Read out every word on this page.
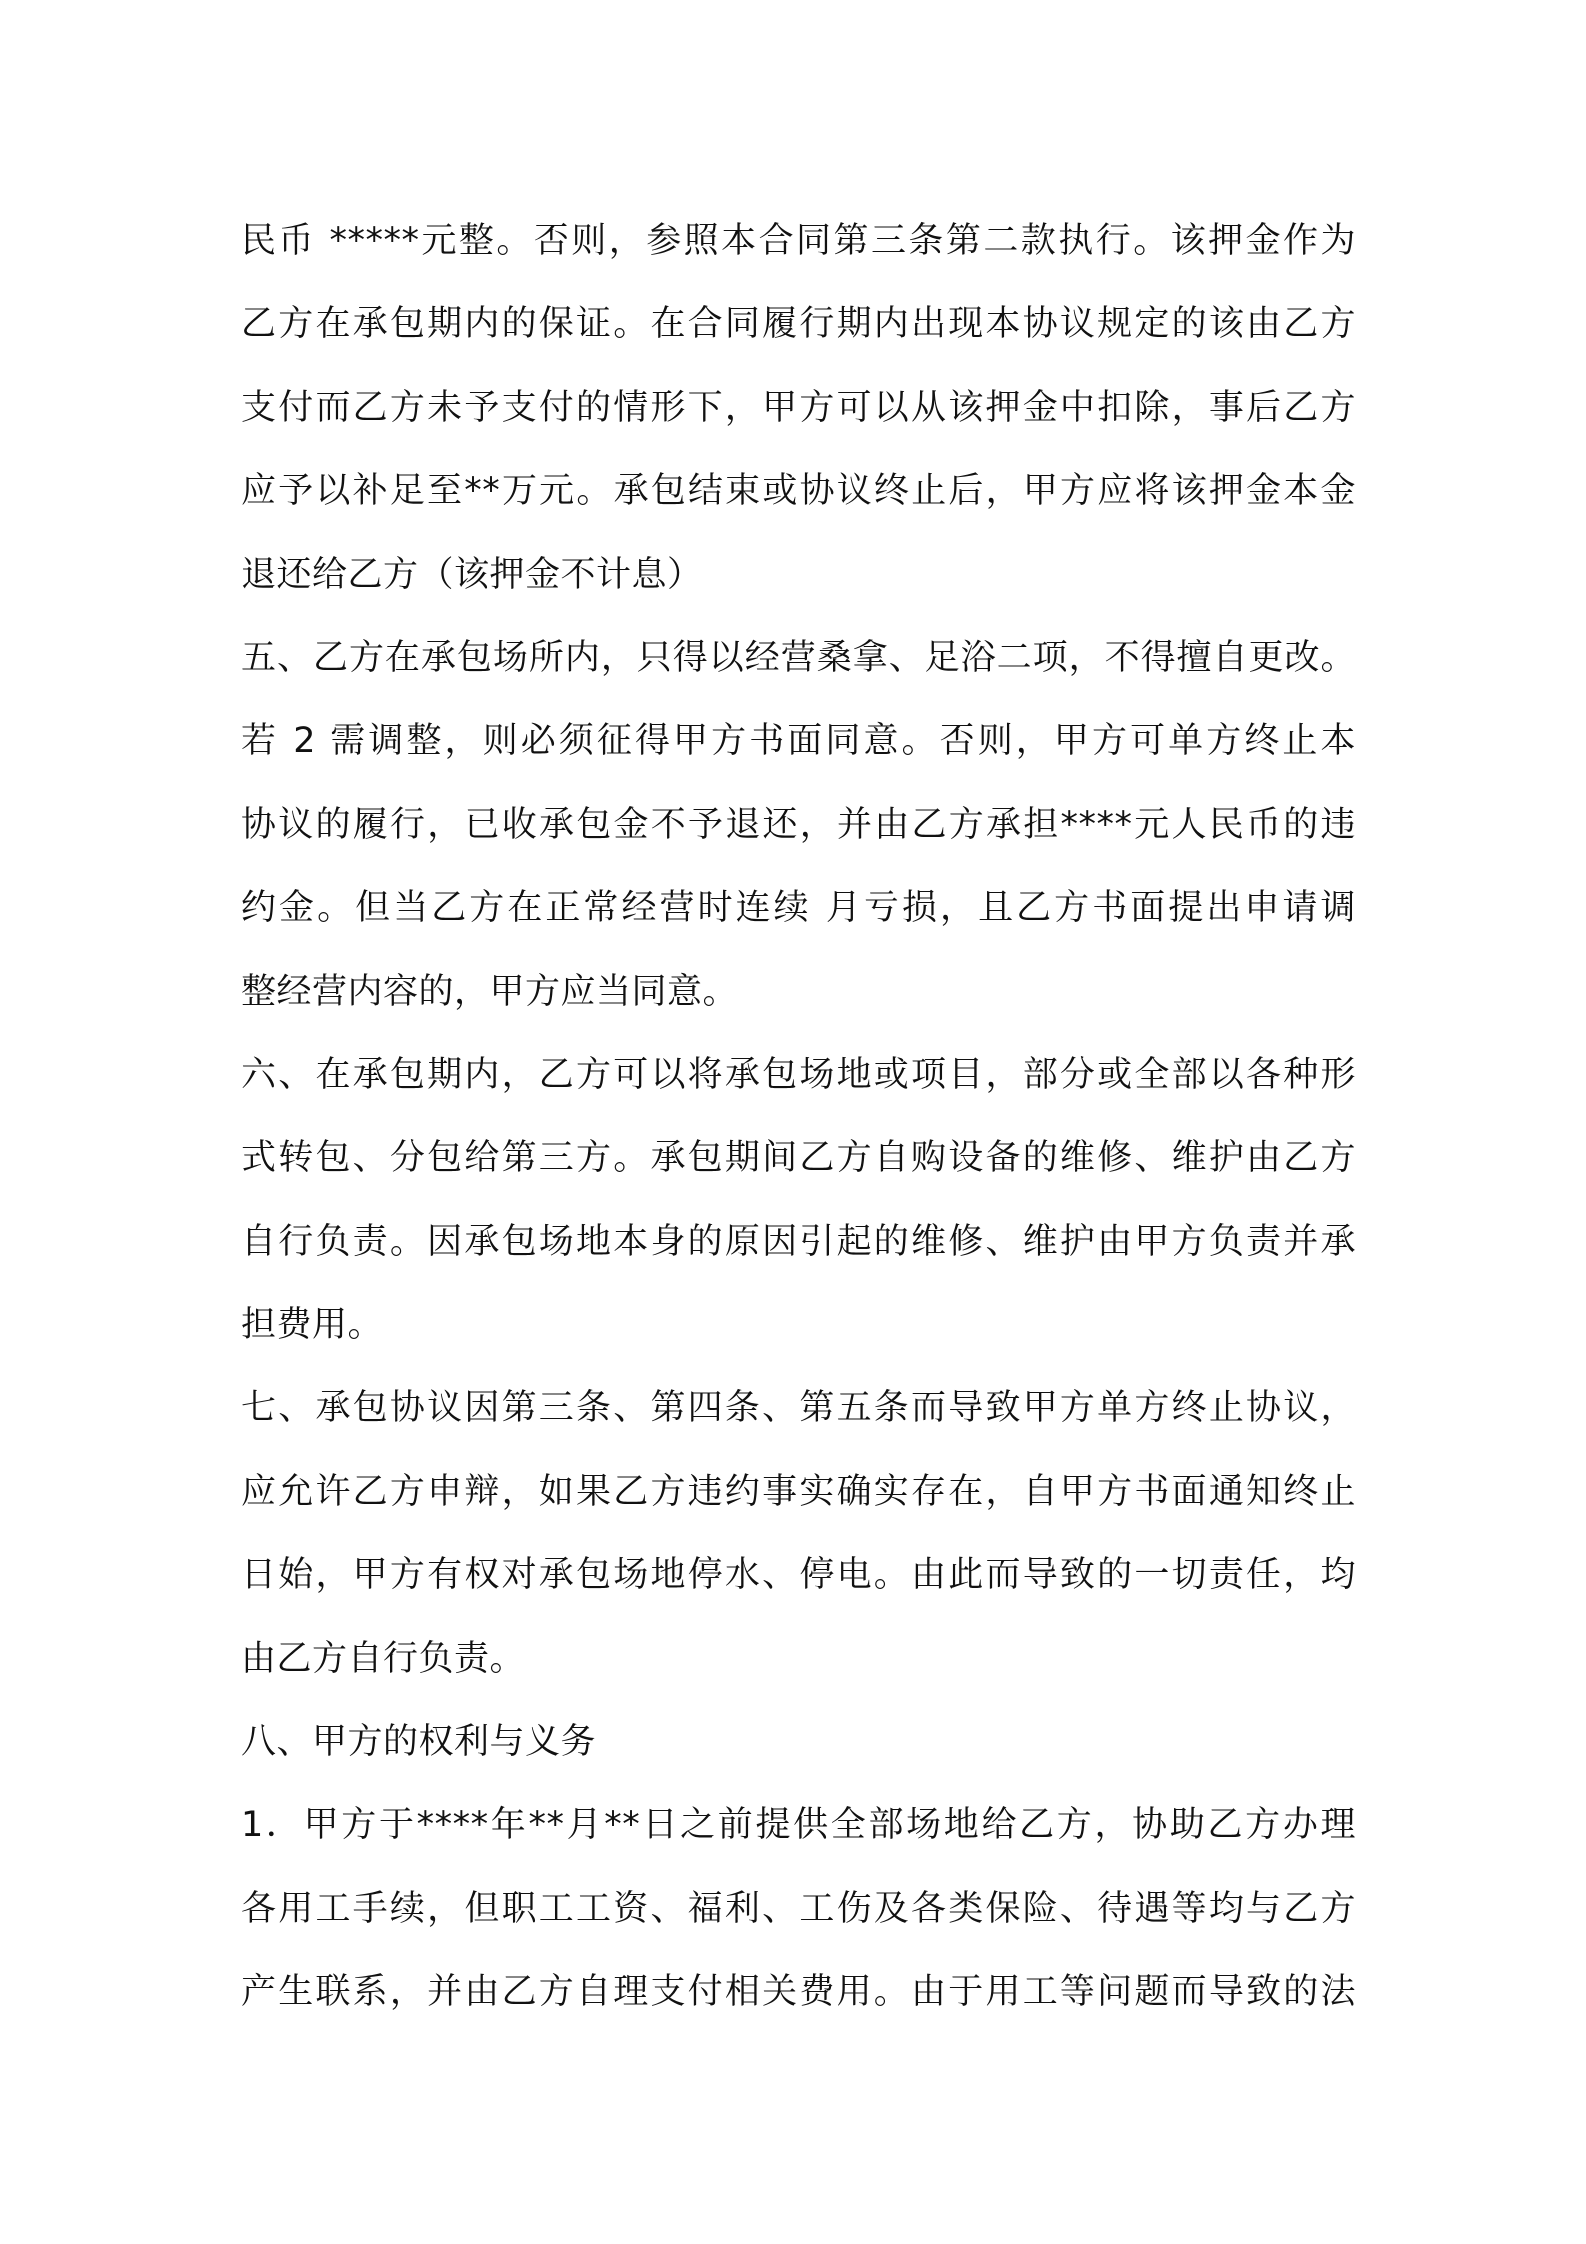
民币 *****元整。否则，参照本合同第三条第二款执行。该押金作为
乙方在承包期内的保证。在合同履行期内出现本协议规定的该由乙方
支付而乙方未予支付的情形下，甲方可以从该押金中扣除，事后乙方
应予以补足至**万元。承包结束或协议终止后，甲方应将该押金本金
退还给乙方（该押金不计息）
五、乙方在承包场所内，只得以经营桑拿、足浴二项，不得擅自更改。
若 2 需调整，则必须征得甲方书面同意。否则，甲方可单方终止本
协议的履行，已收承包金不予退还，并由乙方承担****元人民币的违
约金。但当乙方在正常经营时连续 月亏损，且乙方书面提出申请调
整经营内容的，甲方应当同意。
六、在承包期内，乙方可以将承包场地或项目，部分或全部以各种形
式转包、分包给第三方。承包期间乙方自购设备的维修、维护由乙方
自行负责。因承包场地本身的原因引起的维修、维护由甲方负责并承
担费用。
七、承包协议因第三条、第四条、第五条而导致甲方单方终止协议，
应允许乙方申辩，如果乙方违约事实确实存在，自甲方书面通知终止
日始，甲方有权对承包场地停水、停电。由此而导致的一切责任，均
由乙方自行负责。
八、甲方的权利与义务
1．甲方于****年**月**日之前提供全部场地给乙方，协助乙方办理
各用工手续，但职工工资、福利、工伤及各类保险、待遇等均与乙方
产生联系，并由乙方自理支付相关费用。由于用工等问题而导致的法
